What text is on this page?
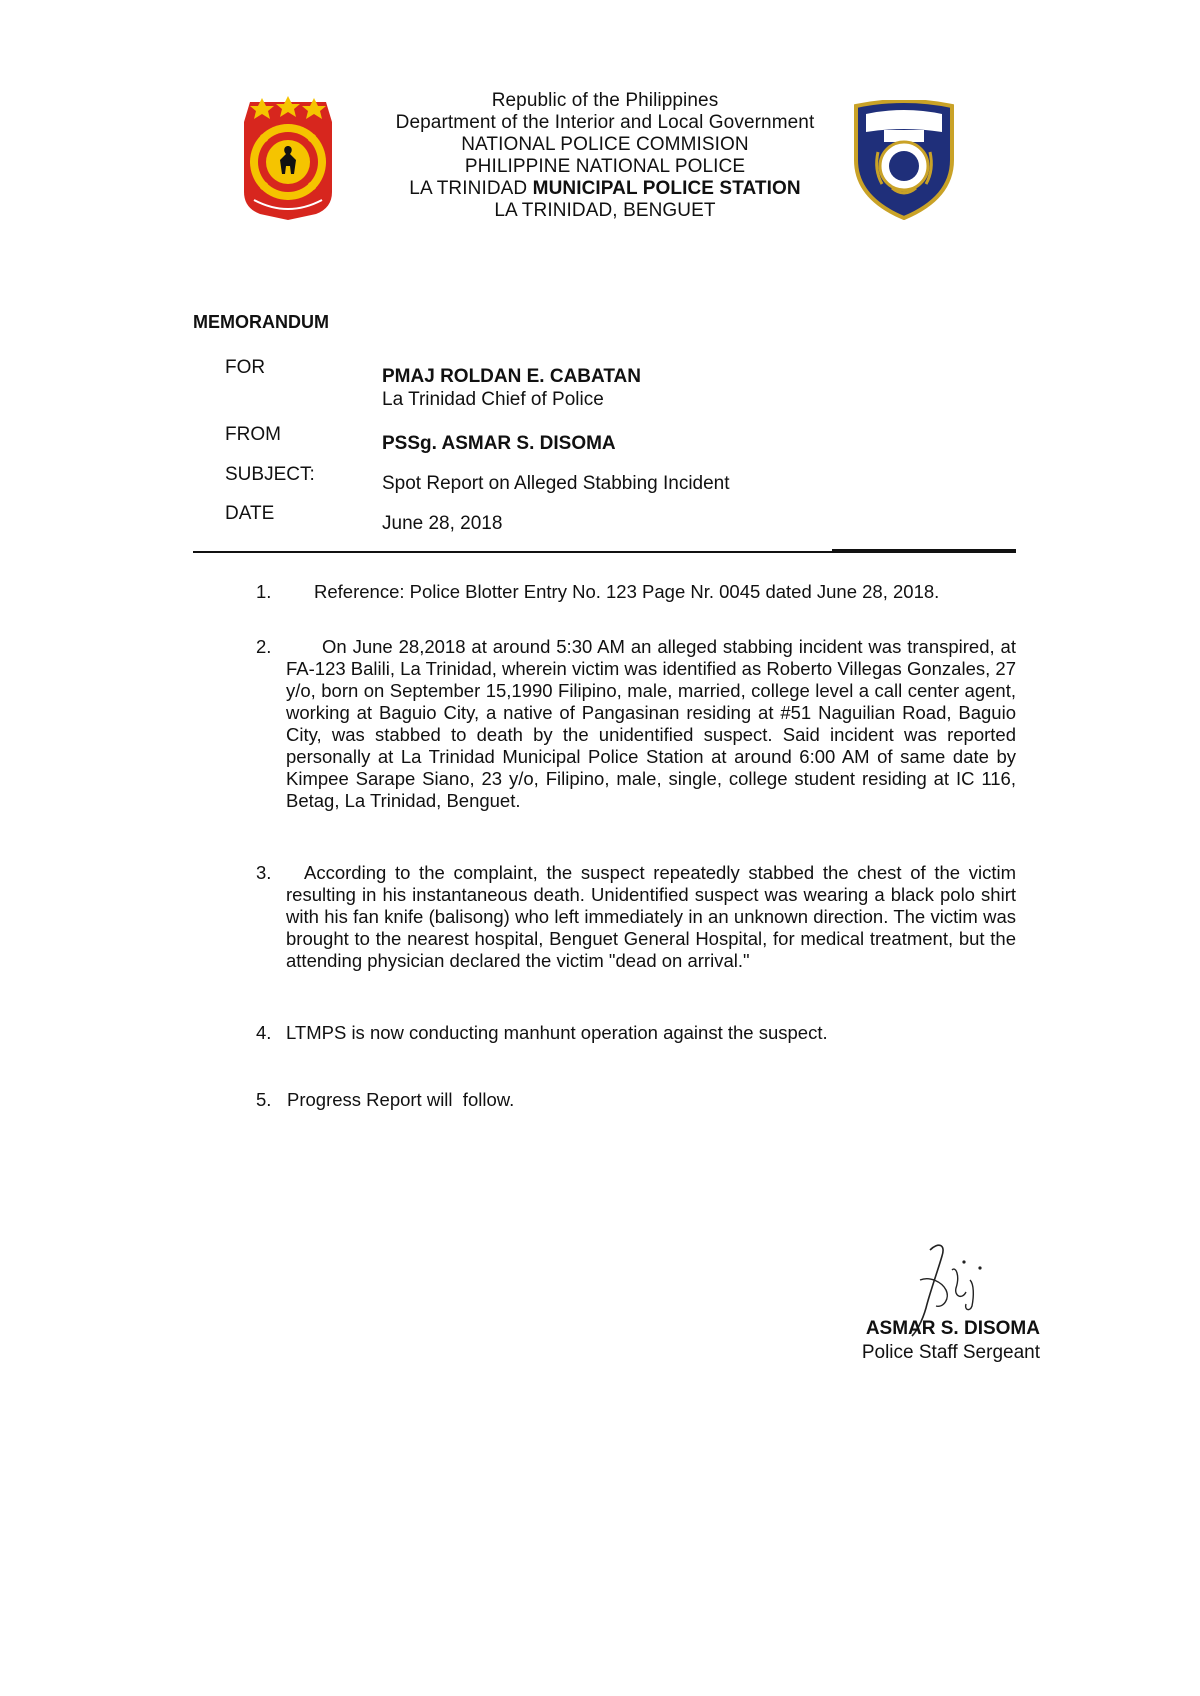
Republic of the Philippines
Department of the Interior and Local Government
NATIONAL POLICE COMMISION
PHILIPPINE NATIONAL POLICE
LA TRINIDAD MUNICIPAL POLICE STATION
LA TRINIDAD, BENGUET
MEMORANDUM
FOR	PMAJ ROLDAN E. CABATAN
La Trinidad Chief of Police
FROM	PSSg. ASMAR S. DISOMA
SUBJECT:	Spot Report on Alleged Stabbing Incident
DATE	June 28, 2018
1. Reference: Police Blotter Entry No. 123 Page Nr. 0045 dated June 28, 2018.
2.	On June 28,2018 at around 5:30 AM an alleged stabbing incident was transpired, at FA-123 Balili, La Trinidad, wherein victim was identified as Roberto Villegas Gonzales, 27 y/o, born on September 15,1990 Filipino, male, married, college level a call center agent, working at Baguio City, a native of Pangasinan residing at #51 Naguilian Road, Baguio City, was stabbed to death by the unidentified suspect. Said incident was reported personally at La Trinidad Municipal Police Station at around 6:00 AM of same date by Kimpee Sarape Siano, 23 y/o, Filipino, male, single, college student residing at IC 116, Betag, La Trinidad, Benguet.
3.	According to the complaint, the suspect repeatedly stabbed the chest of the victim resulting in his instantaneous death. Unidentified suspect was wearing a black polo shirt with his fan knife (balisong) who left immediately in an unknown direction. The victim was brought to the nearest hospital, Benguet General Hospital, for medical treatment, but the attending physician declared the victim "dead on arrival."
4. LTMPS is now conducting manhunt operation against the suspect.
5. Progress Report will  follow.
ASMAR S. DISOMA
Police Staff Sergeant
